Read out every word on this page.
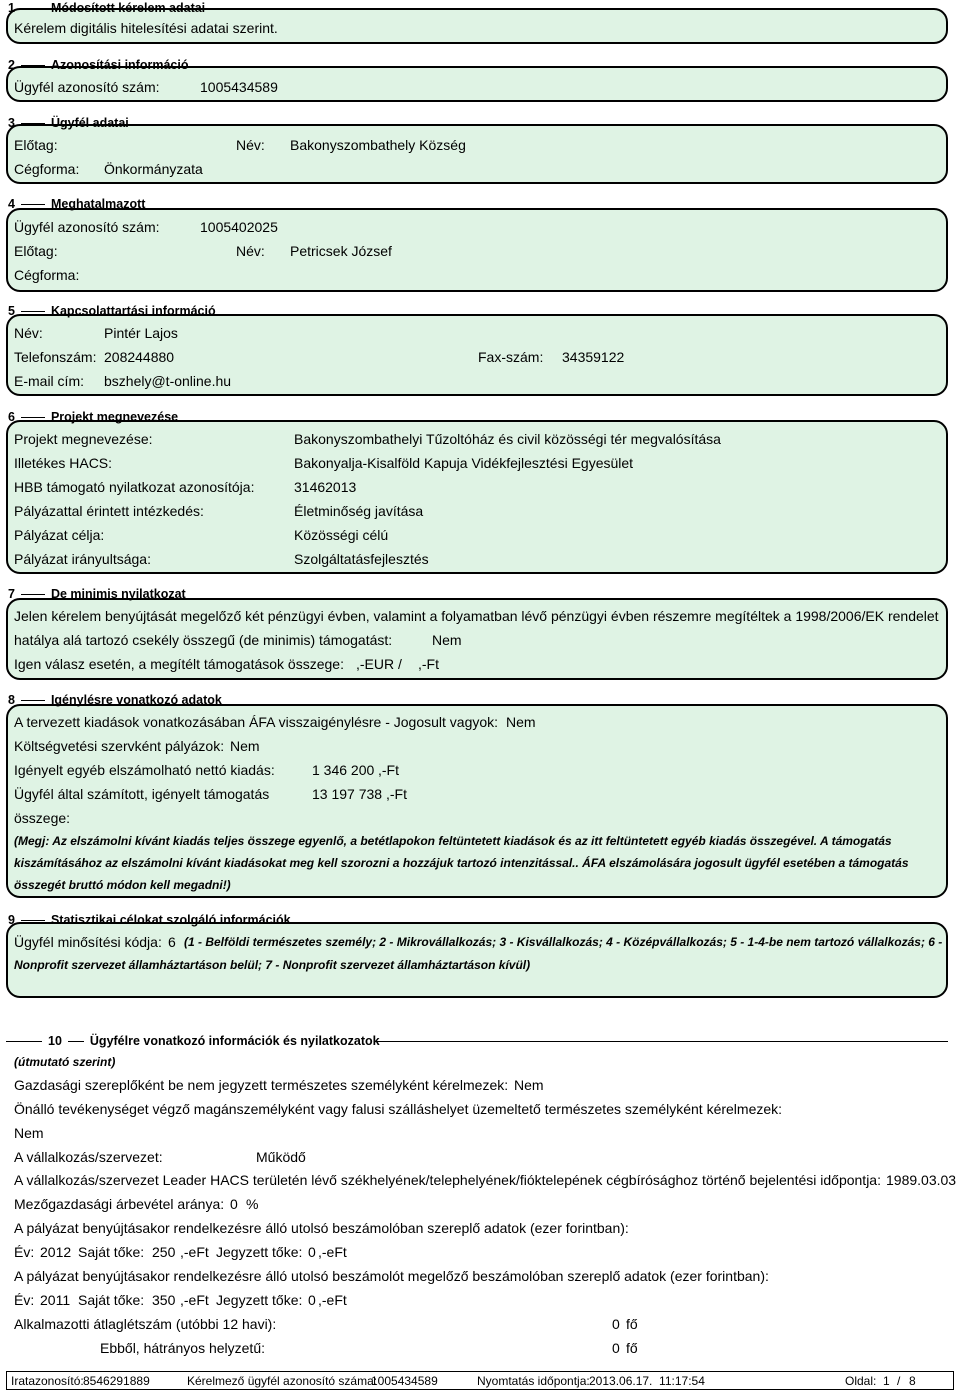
1	Módosított kérelem adatai
Kérelem digitális hitelesítési adatai szerint.
2	Azonosítási információ
Ügyfél azonosító szám:	1005434589
3	Ügyfél adatai
Előtag:	Név: Bakonyszombathely Község
Cégforma: Önkormányzata
4	Meghatalmazott
Ügyfél azonosító szám:	1005402025
Előtag:	Név: Petricsek József
Cégforma:
5	Kapcsolattartási információ
Név:	Pintér Lajos
Telefonszám: 208244880	Fax-szám: 34359122
E-mail cím: bszhely@t-online.hu
6	Projekt megnevezése
Projekt megnevezése:	Bakonyszombathelyi Tűzoltóház és civil közösségi tér megvalósítása
Illetékes HACS:	Bakonyalja-Kisalföld Kapuja Vidékfejlesztési Egyesület
HBB támogató nyilatkozat azonosítója:	31462013
Pályázattal érintett intézkedés:	Életminőség javítása
Pályázat célja:	Közösségi célú
Pályázat irányultsága:	Szolgáltatásfejlesztés
7	De minimis nyilatkozat
Jelen kérelem benyújtását megelőző két pénzügyi évben, valamint a folyamatban lévő pénzügyi évben részemre megítéltek a 1998/2006/EK rendelet
hatálya alá tartozó csekély összegű (de minimis) támogatást:	Nem
Igen válasz esetén, a megítélt támogatások összege: ,-EUR / ,-Ft
8	Igénylésre vonatkozó adatok
A tervezett kiadások vonatkozásában ÁFA visszaigénylésre - Jogosult vagyok: Nem
Költségvetési szervként pályázok: Nem
Igényelt egyéb elszámolható nettó kiadás:	1 346 200 ,-Ft
Ügyfél által számított, igényelt támogatás	13 197 738 ,-Ft
összege:
(Megj: Az elszámolni kívánt kiadás teljes összege egyenlő, a betétlapokon feltüntetett kiadások és az itt feltüntetett egyéb kiadás összegével. A támogatás
kiszámításához az elszámolni kívánt kiadásokat meg kell szorozni a hozzájuk tartozó intenzitással.. ÁFA elszámolására jogosult ügyfél esetében a támogatás
összegét bruttó módon kell megadni!)
9	Statisztikai célokat szolgáló információk
Ügyfél minősítési kódja: 6 (1 - Belföldi természetes személy; 2 - Mikrovállalkozás; 3 - Kisvállalkozás; 4 - Középvállalkozás; 5 - 1-4-be nem tartozó vállalkozás; 6 -
Nonprofit szervezet államháztartáson belül; 7 - Nonprofit szervezet államháztartáson kívül)
10 Ügyfélre vonatkozó információk és nyilatkozatok
(útmutató szerint)
Gazdasági szereplőként be nem jegyzett természetes személyként kérelmezek: Nem
Önálló tevékenységet végző magánszemélyként vagy falusi szálláshelyet üzemeltető természetes személyként kérelmezek:
Nem
A vállalkozás/szervezet:	Működő
A vállalkozás/szervezet Leader HACS területén lévő székhelyének/telephelyének/fióktelepének cégbírósághoz történő bejelentési időpontja: 1989.03.03
Mezőgazdasági árbevétel aránya: 0 %
A pályázat benyújtásakor rendelkezésre álló utolsó beszámolóban szereplő adatok (ezer forintban):
Év: 2012 Saját tőke: 250 ,-eFt Jegyzett tőke: 0 ,-eFt
A pályázat benyújtásakor rendelkezésre álló utolsó beszámolót megelőző beszámolóban szereplő adatok (ezer forintban):
Év: 2011 Saját tőke: 350 ,-eFt Jegyzett tőke: 0 ,-eFt
Alkalmazotti átlaglétszám (utóbbi 12 havi):	0 fő
Ebből, hátrányos helyzetű:	0 fő
Iratazonosító: 8546291889	Kérelmező ügyfél azonosító száma:
1005434589	Nyomtatás időpontja: 2013.06.17.  11:17:54	Oldal: 1 / 8
